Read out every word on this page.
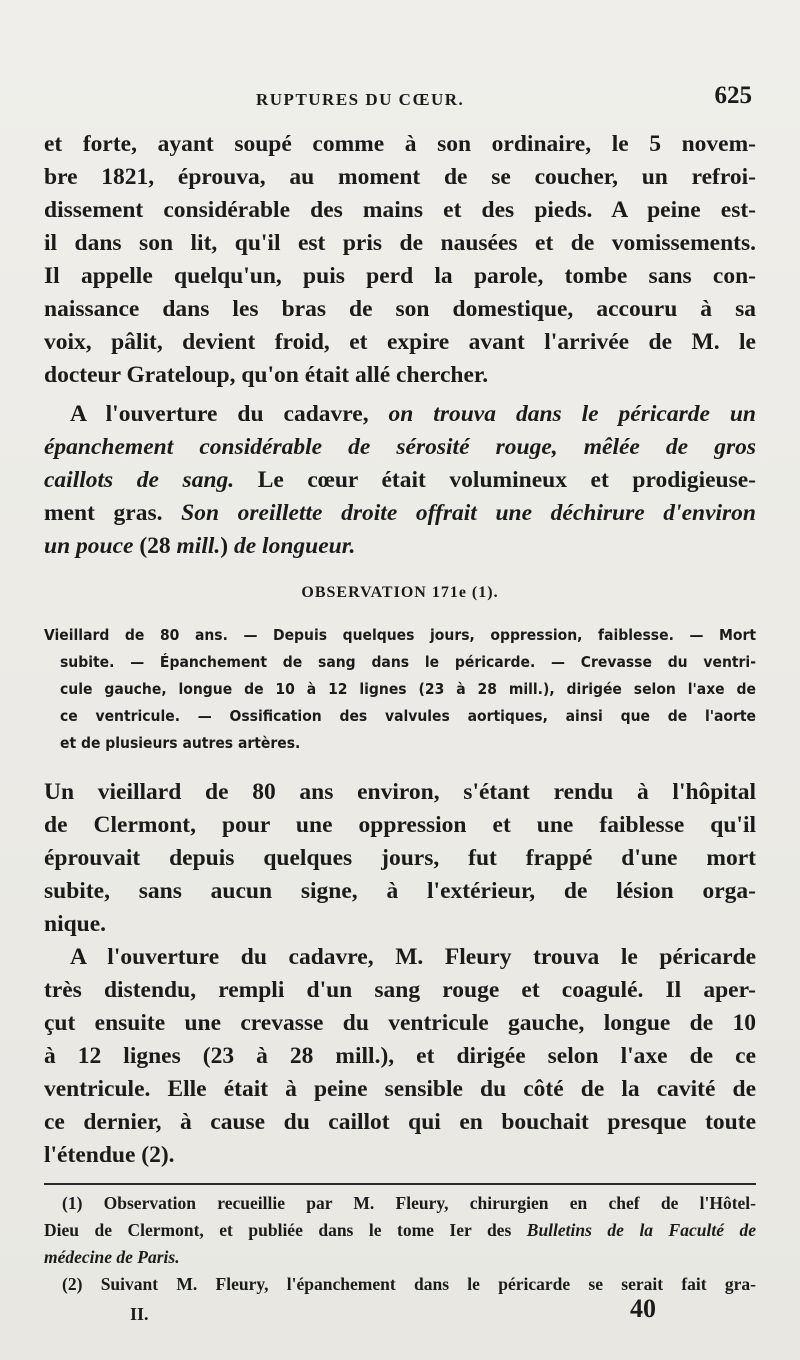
RUPTURES DU CŒUR.	625

et forte, ayant soupé comme à son ordinaire, le 5 novem-

bre 1821, éprouva, au moment de se coucher, un refroi-

dissement considérable des mains et des pieds. A peine est-

il dans son lit, qu'il est pris de nausées et de vomissements.

Il appelle quelqu'un, puis perd la parole, tombe sans con-

naissance dans les bras de son domestique, accouru à sa

voix, pâlit, devient froid, et expire avant l'arrivée de M. le

docteur Grateloup, qu'on était allé chercher.

A l'ouverture du cadavre, on trouva dans le péricarde un

épanchement considérable de sérosité rouge, mêlée de gros

caillots de sang. Le cœur était volumineux et prodigieuse-

ment gras. Son oreillette droite offrait une déchirure d'environ

un pouce (28 mill.) de longueur.

OBSERVATION 171e (1).

Vieillard de 80 ans. — Depuis quelques jours, oppression, faiblesse. — Mort

subite. — Épanchement de sang dans le péricarde. — Crevasse du ventri-

cule gauche, longue de 10 à 12 lignes (23 à 28 mill.), dirigée selon l'axe de

ce ventricule. — Ossification des valvules aortiques, ainsi que de l'aorte

et de plusieurs autres artères.

Un vieillard de 80 ans environ, s'étant rendu à l'hôpital

de Clermont, pour une oppression et une faiblesse qu'il

éprouvait depuis quelques jours, fut frappé d'une mort

subite, sans aucun signe, à l'extérieur, de lésion orga-

nique.

A l'ouverture du cadavre, M. Fleury trouva le péricarde

très distendu, rempli d'un sang rouge et coagulé. Il aper-

çut ensuite une crevasse du ventricule gauche, longue de 10

à 12 lignes (23 à 28 mill.), et dirigée selon l'axe de ce

ventricule. Elle était à peine sensible du côté de la cavité de

ce dernier, à cause du caillot qui en bouchait presque toute

l'étendue (2).

(1) Observation recueillie par M. Fleury, chirurgien en chef de l'Hôtel-

Dieu de Clermont, et publiée dans le tome Ier des Bulletins de la Faculté de

médecine de Paris.

(2) Suivant M. Fleury, l'épanchement dans le péricarde se serait fait gra-

II.	40
